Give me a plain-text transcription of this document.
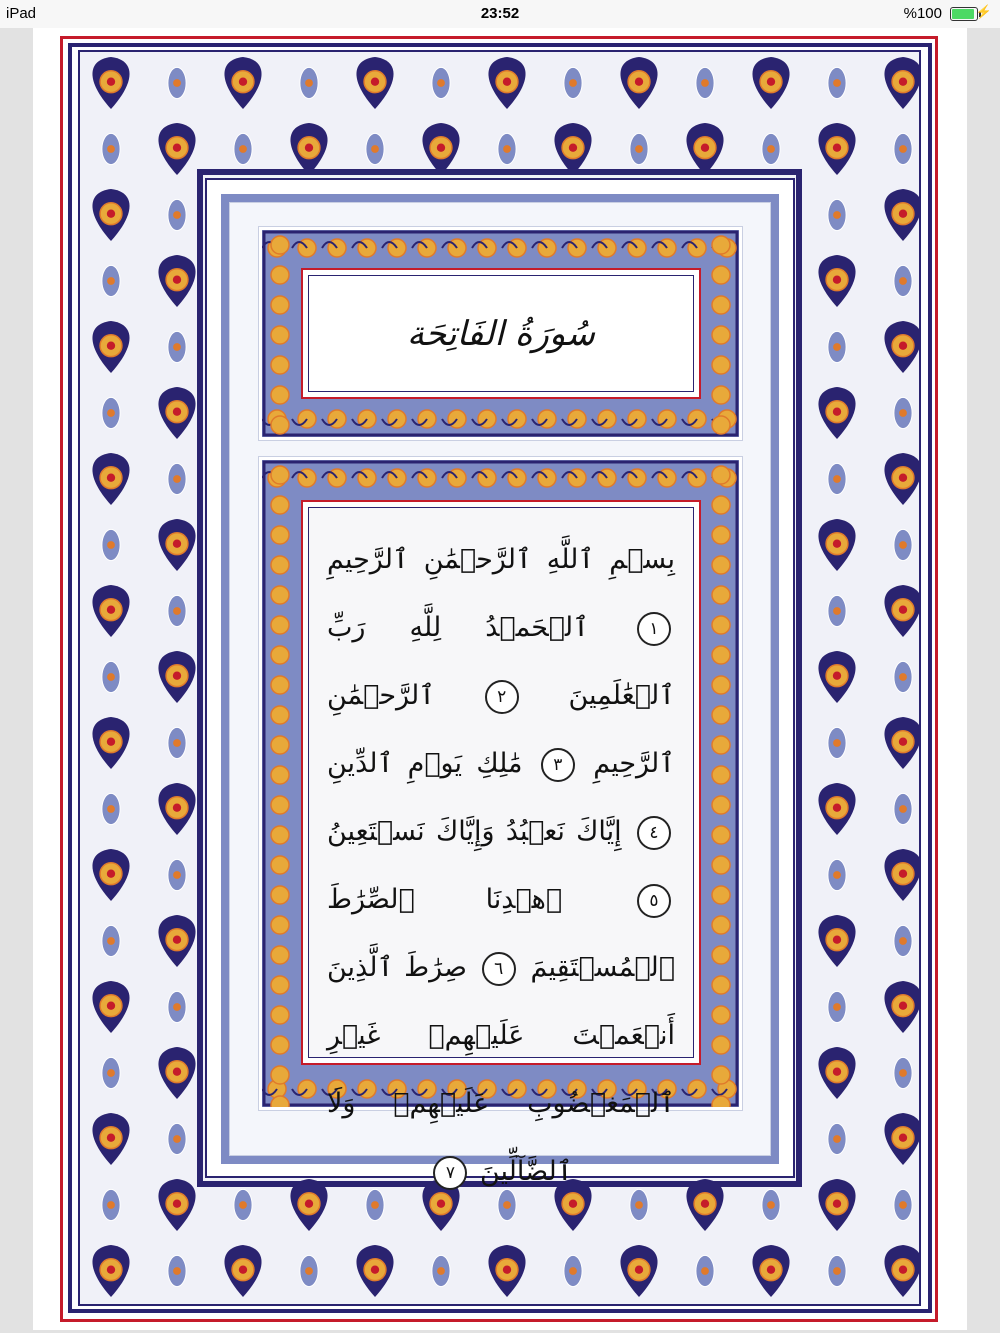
iPad	23:52	%100	⚡
سُورَةُ الفَاتِحَة
بِسۡمِ ٱللَّهِ ٱلرَّحۡمَٰنِ ٱلرَّحِيمِ ١ ٱلۡحَمۡدُ لِلَّهِ رَبِّ ٱلۡعَٰلَمِينَ ٢ ٱلرَّحۡمَٰنِ ٱلرَّحِيمِ ٣ مَٰلِكِ يَوۡمِ ٱلدِّينِ ٤ إِيَّاكَ نَعۡبُدُ وَإِيَّاكَ نَسۡتَعِينُ ٥ ٱهۡدِنَا ٱلصِّرَٰطَ ٱلۡمُسۡتَقِيمَ ٦ صِرَٰطَ ٱلَّذِينَ أَنۡعَمۡتَ عَلَيۡهِمۡ غَيۡرِ ٱلۡمَغۡضُوبِ عَلَيۡهِمۡ وَلَا ٱلضَّآلِّينَ ٧
